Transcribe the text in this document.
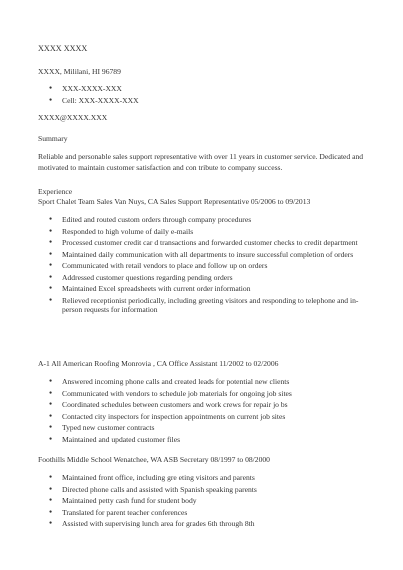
XXXX XXXX
XXXX, Mililani, HI 96789
● XXX-XXXX-XXX
● Cell: XXX-XXXX-XXX
XXXX@XXXX.XXX
Summary
Reliable and personable sales support representative with over 11 years in customer service. Dedicated and motivated to maintain customer satisfaction and con tribute to company success.
Experience
Sport Chalet Team Sales Van Nuys, CA Sales Support Representative 05/2006 to 09/2013
● Edited and routed custom orders through company procedures
● Responded to high volume of daily e-mails
● Processed customer credit car d transactions and forwarded customer checks to credit department
● Maintained daily communication with all departments to insure successful completion of orders
● Communicated with retail vendors to place and follow up on orders
● Addressed customer questions regarding pending orders
● Maintained Excel spreadsheets with current order information
● Relieved receptionist periodically, including greeting visitors and responding to telephone and in-person requests for information
A-1 All American Roofing Monrovia , CA Office Assistant 11/2002 to 02/2006
● Answered incoming phone calls and created leads for potential new clients
● Communicated with vendors to schedule job materials for ongoing job sites
● Coordinated schedules between customers and work crews for repair jo bs
● Contacted city inspectors for inspection appointments on current job sites
● Typed new customer contracts
● Maintained and updated customer files
Foothills Middle School Wenatchee, WA ASB Secretary 08/1997 to 08/2000
● Maintained front office, including gre eting visitors and parents
● Directed phone calls and assisted with Spanish speaking parents
● Maintained petty cash fund for student body
● Translated for parent teacher conferences
● Assisted with supervising lunch area for grades 6th through 8th
